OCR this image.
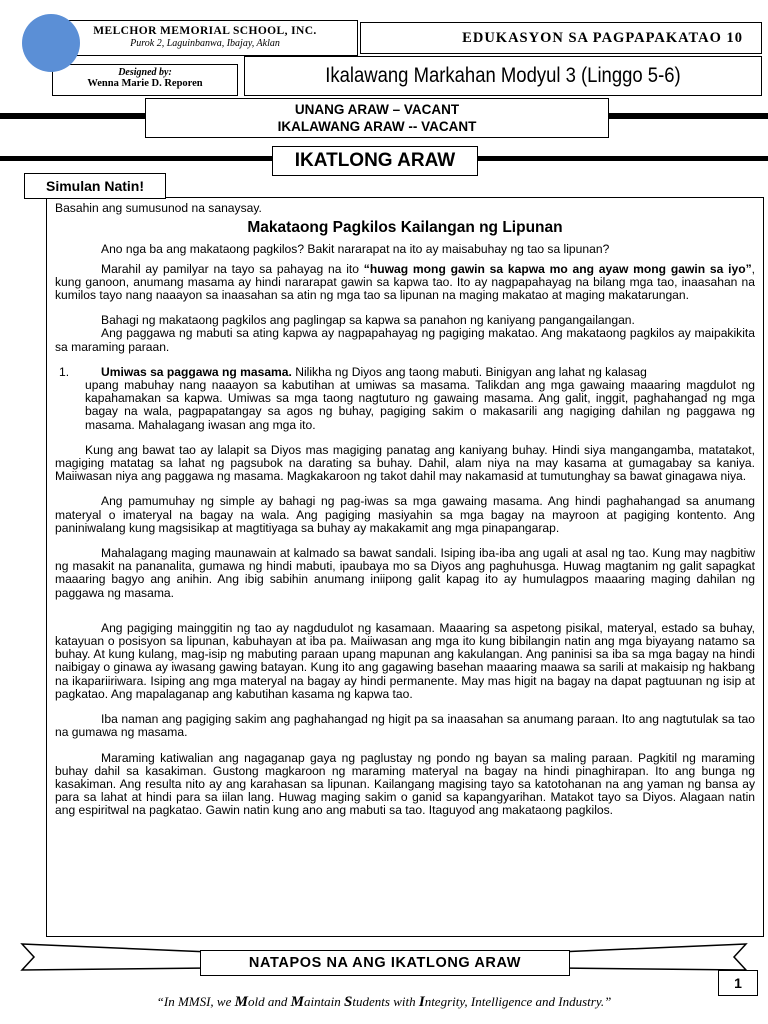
MELCHOR MEMORIAL SCHOOL, INC.
Purok 2, Laguinbanwa, Ibajay, Aklan	EDUKASYON SA PAGPAPAKATAO 10
Designed by:
Wenna Marie D. Reporen	Ikalawang Markahan Modyul 3 (Linggo 5-6)
UNANG ARAW – VACANT
IKALAWANG ARAW -- VACANT
IKATLONG ARAW
Simulan Natin!

Basahin ang sumusunod na sanaysay.

Makataong Pagkilos Kailangan ng Lipunan

Ano nga ba ang makataong pagkilos? Bakit nararapat na ito ay maisabuhay ng tao sa lipunan?

Marahil ay pamilyar na tayo sa pahayag na ito “huwag mong gawin sa kapwa mo ang ayaw mong gawin sa iyo”, kung ganoon, anumang masama ay hindi nararapat gawin sa kapwa tao. Ito ay nagpapahayag na bilang mga tao, inaasahan na kumilos tayo nang naaayon sa inaasahan sa atin ng mga tao sa lipunan na maging makatao at maging makatarungan.

Bahagi ng makataong pagkilos ang paglingap sa kapwa sa panahon ng kaniyang pangangailangan.

Ang paggawa ng mabuti sa ating kapwa ay nagpapahayag ng pagiging makatao. Ang makataong pagkilos ay maipakikita sa maraming paraan.

1.	Umiwas sa paggawa ng masama. Nilikha ng Diyos ang taong mabuti. Binigyan ang lahat ng kalasag

upang mabuhay nang naaayon sa kabutihan at umiwas sa masama. Talikdan ang mga gawaing maaaring magdulot ng kapahamakan sa kapwa. Umiwas sa mga taong nagtuturo ng gawaing masama. Ang galit, inggit, paghahangad ng mga bagay na wala, pagpapatangay sa agos ng buhay, pagiging sakim o makasarili ang nagiging dahilan ng paggawa ng masama. Mahalagang iwasan ang mga ito.

Kung ang bawat tao ay lalapit sa Diyos mas magiging panatag ang kaniyang buhay. Hindi siya mangangamba, matatakot, magiging matatag sa lahat ng pagsubok na darating sa buhay. Dahil, alam niya na may kasama at gumagabay sa kaniya. Maiiwasan niya ang paggawa ng masama. Magkakaroon ng takot dahil may nakamasid at tumutunghay sa bawat ginagawa niya.

Ang pamumuhay ng simple ay bahagi ng pag-iwas sa mga gawaing masama. Ang hindi paghahangad sa anumang materyal o imateryal na bagay na wala. Ang pagiging masiyahin sa mga bagay na mayroon at pagiging kontento. Ang paniniwalang kung magsisikap at magtitiyaga sa buhay ay makakamit ang mga pinapangarap.

Mahalagang maging maunawain at kalmado sa bawat sandali. Isiping iba-iba ang ugali at asal ng tao. Kung may nagbitiw ng masakit na pananalita, gumawa ng hindi mabuti, ipaubaya mo sa Diyos ang paghuhusga. Huwag magtanim ng galit sapagkat maaaring bagyo ang anihin. Ang ibig sabihin anumang iniipong galit kapag ito ay humulagpos maaaring maging dahilan ng paggawa ng masama.

Ang pagiging mainggitin ng tao ay nagdudulot ng kasamaan. Maaaring sa aspetong pisikal, materyal, estado sa buhay, katayuan o posisyon sa lipunan, kabuhayan at iba pa. Maiiwasan ang mga ito kung bibilangin natin ang mga biyayang natamo sa buhay. At kung kulang, mag-isip ng mabuting paraan upang mapunan ang kakulangan. Ang paninisi sa iba sa mga bagay na hindi naibigay o ginawa ay iwasang gawing batayan. Kung ito ang gagawing basehan maaaring maawa sa sarili at makaisip ng hakbang na ikapariiriwara. Isiping ang mga materyal na bagay ay hindi permanente. May mas higit na bagay na dapat pagtuunan ng isip at pagkatao. Ang mapalaganap ang kabutihan kasama ng kapwa tao.

Iba naman ang pagiging sakim ang paghahangad ng higit pa sa inaasahan sa anumang paraan. Ito ang nagtutulak sa tao na gumawa ng masama.

Maraming katiwalian ang nagaganap gaya ng paglustay ng pondo ng bayan sa maling paraan. Pagkitil ng maraming buhay dahil sa kasakiman. Gustong magkaroon ng maraming materyal na bagay na hindi pinaghirapan. Ito ang bunga ng kasakiman. Ang resulta nito ay ang karahasan sa lipunan. Kailangang magising tayo sa katotohanan na ang yaman ng bansa ay para sa lahat at hindi para sa iilan lang. Huwag maging sakim o ganid sa kapangyarihan. Matakot tayo sa Diyos. Alagaan natin ang espiritwal na pagkatao. Gawin natin kung ano ang mabuti sa tao. Itaguyod ang makataong pagkilos.

NATAPOS NA ANG IKATLONG ARAW
1
“In MMSI, we Mold and Maintain Students with Integrity, Intelligence and Industry.”
